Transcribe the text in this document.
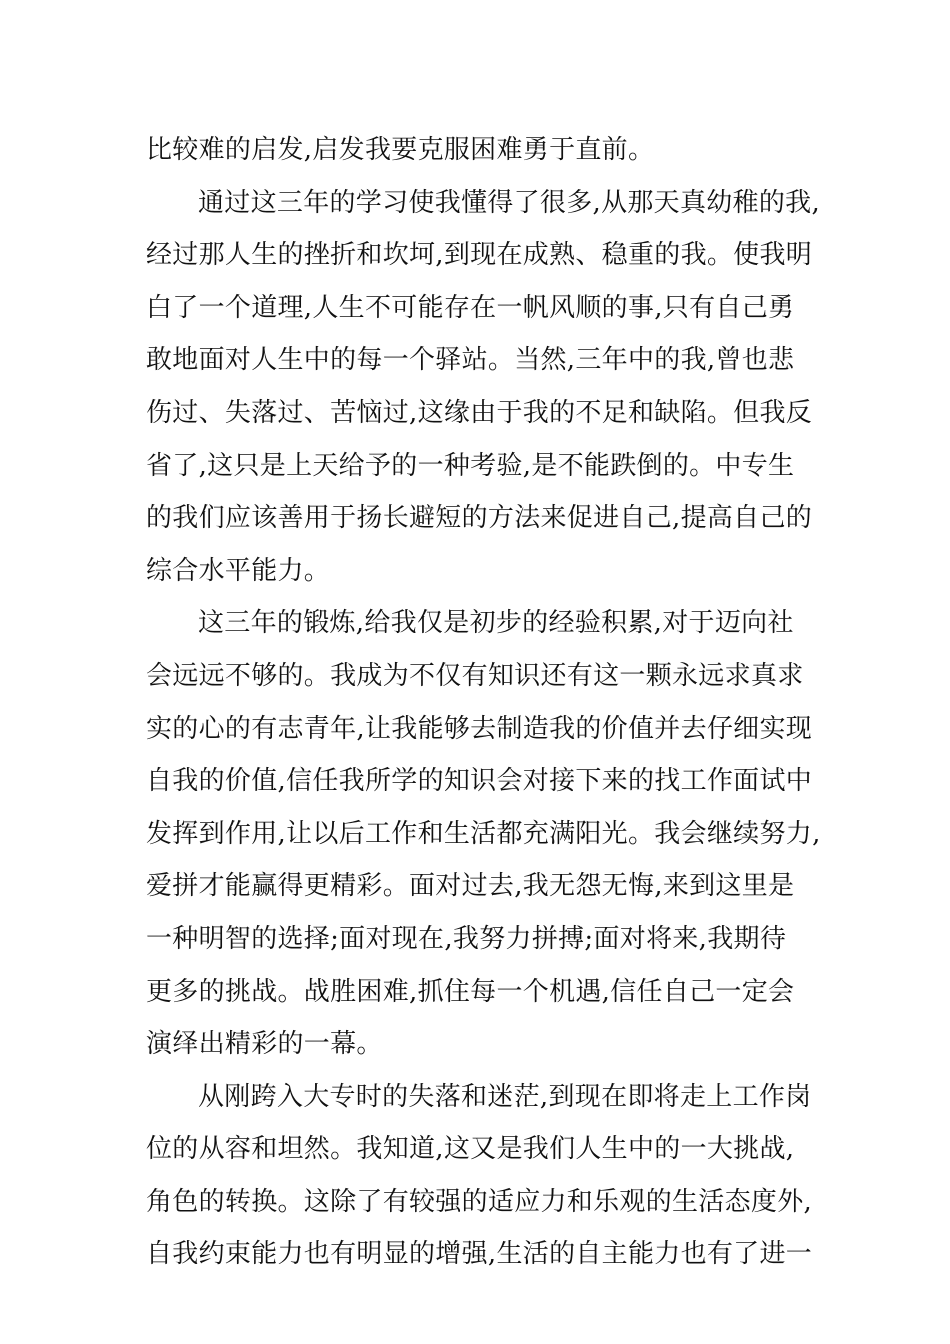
比较难的启发,启发我要克服困难勇于直前。
通过这三年的学习使我懂得了很多,从那天真幼稚的我,
经过那人生的挫折和坎坷,到现在成熟、稳重的我。使我明
白了一个道理,人生不可能存在一帆风顺的事,只有自己勇
敢地面对人生中的每一个驿站。当然,三年中的我,曾也悲
伤过、失落过、苦恼过,这缘由于我的不足和缺陷。但我反
省了,这只是上天给予的一种考验,是不能跌倒的。中专生
的我们应该善用于扬长避短的方法来促进自己,提高自己的
综合水平能力。
这三年的锻炼,给我仅是初步的经验积累,对于迈向社
会远远不够的。我成为不仅有知识还有这一颗永远求真求
实的心的有志青年,让我能够去制造我的价值并去仔细实现
自我的价值,信任我所学的知识会对接下来的找工作面试中
发挥到作用,让以后工作和生活都充满阳光。我会继续努力,
爱拼才能赢得更精彩。面对过去,我无怨无悔,来到这里是
一种明智的选择;面对现在,我努力拼搏;面对将来,我期待
更多的挑战。战胜困难,抓住每一个机遇,信任自己一定会
演绎出精彩的一幕。
从刚跨入大专时的失落和迷茫,到现在即将走上工作岗
位的从容和坦然。我知道,这又是我们人生中的一大挑战,
角色的转换。这除了有较强的适应力和乐观的生活态度外,
自我约束能力也有明显的增强,生活的自主能力也有了进一
